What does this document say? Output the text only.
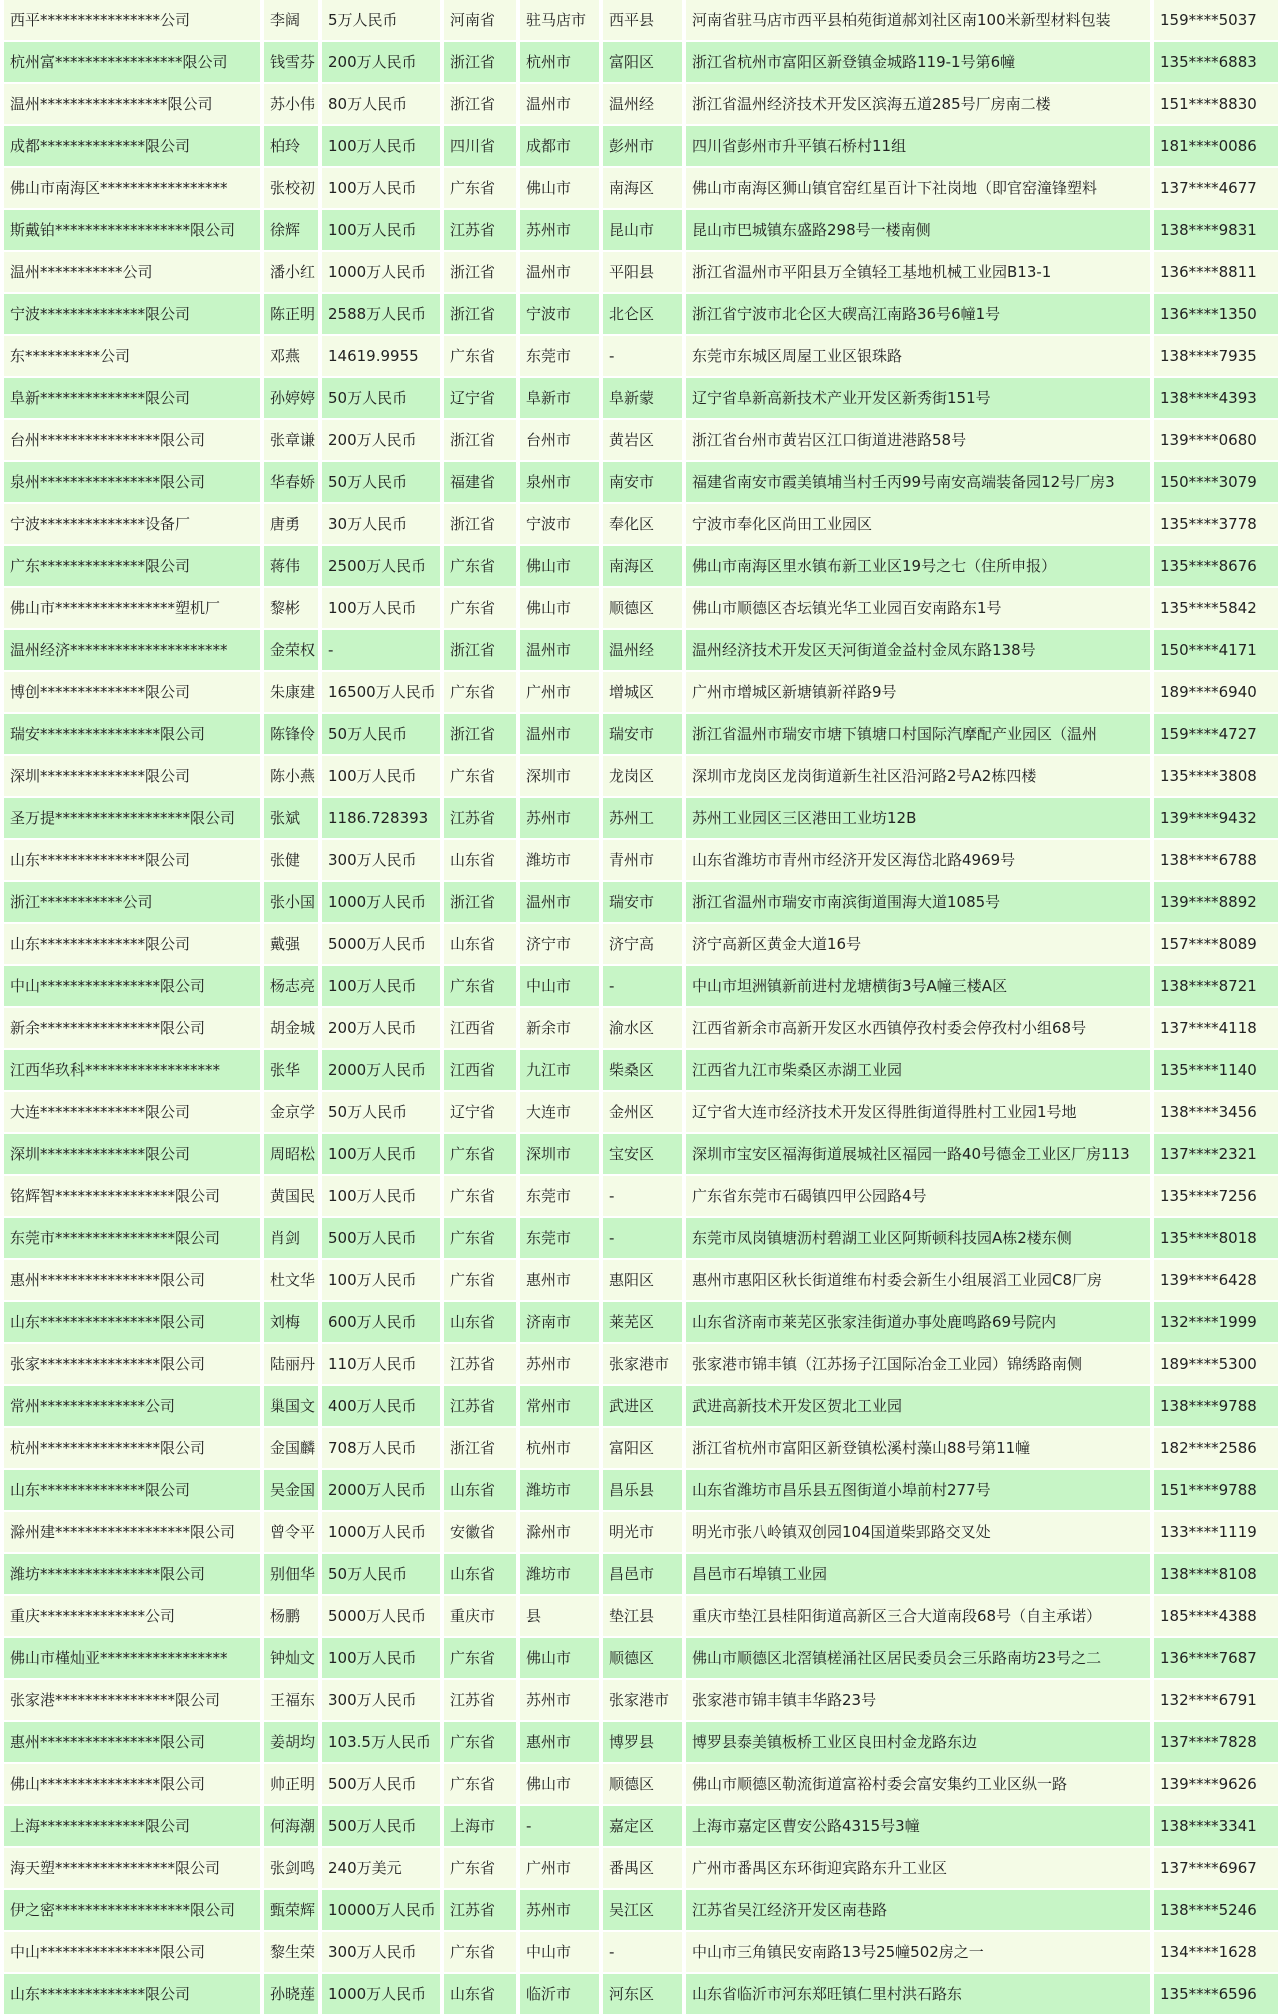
西平****************公司	李阔	5万人民币	河南省	驻马店市	西平县	河南省驻马店市西平县柏苑街道郝刘社区南100米新型材料包装	159****5037
杭州富*****************限公司	钱雪芬	200万人民币	浙江省	杭州市	富阳区	浙江省杭州市富阳区新登镇金城路119-1号第6幢	135****6883
温州*****************限公司	苏小伟	80万人民币	浙江省	温州市	温州经	浙江省温州经济技术开发区滨海五道285号厂房南二楼	151****8830
成都**************限公司	柏玲	100万人民币	四川省	成都市	彭州市	四川省彭州市升平镇石桥村11组	181****0086
佛山市南海区*****************	张校初	100万人民币	广东省	佛山市	南海区	佛山市南海区狮山镇官窑红星百计下社岗地（即官窑潼锋塑料	137****4677
斯戴铂******************限公司	徐辉	100万人民币	江苏省	苏州市	昆山市	昆山市巴城镇东盛路298号一楼南侧	138****9831
温州***********公司	潘小红	1000万人民币	浙江省	温州市	平阳县	浙江省温州市平阳县万全镇轻工基地机械工业园B13-1	136****8811
宁波**************限公司	陈正明	2588万人民币	浙江省	宁波市	北仑区	浙江省宁波市北仑区大碶高江南路36号6幢1号	136****1350
东**********公司	邓燕	14619.9955	广东省	东莞市	-	东莞市东城区周屋工业区银珠路	138****7935
阜新**************限公司	孙婷婷	50万人民币	辽宁省	阜新市	阜新蒙	辽宁省阜新高新技术产业开发区新秀街151号	138****4393
台州****************限公司	张章谦	200万人民币	浙江省	台州市	黄岩区	浙江省台州市黄岩区江口街道进港路58号	139****0680
泉州****************限公司	华春娇	50万人民币	福建省	泉州市	南安市	福建省南安市霞美镇埔当村壬丙99号南安高端装备园12号厂房3	150****3079
宁波**************设备厂	唐勇	30万人民币	浙江省	宁波市	奉化区	宁波市奉化区尚田工业园区	135****3778
广东**************限公司	蒋伟	2500万人民币	广东省	佛山市	南海区	佛山市南海区里水镇布新工业区19号之七（住所申报）	135****8676
佛山市****************塑机厂	黎彬	100万人民币	广东省	佛山市	顺德区	佛山市顺德区杏坛镇光华工业园百安南路东1号	135****5842
温州经济*********************	金荣权	-	浙江省	温州市	温州经	温州经济技术开发区天河街道金益村金凤东路138号	150****4171
博创**************限公司	朱康建	16500万人民币	广东省	广州市	增城区	广州市增城区新塘镇新祥路9号	189****6940
瑞安****************限公司	陈锋伶	50万人民币	浙江省	温州市	瑞安市	浙江省温州市瑞安市塘下镇塘口村国际汽摩配产业园区（温州	159****4727
深圳**************限公司	陈小燕	100万人民币	广东省	深圳市	龙岗区	深圳市龙岗区龙岗街道新生社区沿河路2号A2栋四楼	135****3808
圣万提******************限公司	张斌	1186.728393	江苏省	苏州市	苏州工	苏州工业园区三区港田工业坊12B	139****9432
山东**************限公司	张健	300万人民币	山东省	潍坊市	青州市	山东省潍坊市青州市经济开发区海岱北路4969号	138****6788
浙江***********公司	张小国	1000万人民币	浙江省	温州市	瑞安市	浙江省温州市瑞安市南滨街道围海大道1085号	139****8892
山东**************限公司	戴强	5000万人民币	山东省	济宁市	济宁高	济宁高新区黄金大道16号	157****8089
中山****************限公司	杨志亮	100万人民币	广东省	中山市	-	中山市坦洲镇新前进村龙塘横街3号A幢三楼A区	138****8721
新余****************限公司	胡金城	200万人民币	江西省	新余市	渝水区	江西省新余市高新开发区水西镇停孜村委会停孜村小组68号	137****4118
江西华玖科******************	张华	2000万人民币	江西省	九江市	柴桑区	江西省九江市柴桑区赤湖工业园	135****1140
大连**************限公司	金京学	50万人民币	辽宁省	大连市	金州区	辽宁省大连市经济技术开发区得胜街道得胜村工业园1号地	138****3456
深圳**************限公司	周昭松	100万人民币	广东省	深圳市	宝安区	深圳市宝安区福海街道展城社区福园一路40号德金工业区厂房113	137****2321
铭辉智****************限公司	黄国民	100万人民币	广东省	东莞市	-	广东省东莞市石碣镇四甲公园路4号	135****7256
东莞市****************限公司	肖剑	500万人民币	广东省	东莞市	-	东莞市凤岗镇塘沥村碧湖工业区阿斯顿科技园A栋2楼东侧	135****8018
惠州****************限公司	杜文华	100万人民币	广东省	惠州市	惠阳区	惠州市惠阳区秋长街道维布村委会新生小组展滔工业园C8厂房	139****6428
山东****************限公司	刘梅	600万人民币	山东省	济南市	莱芜区	山东省济南市莱芜区张家洼街道办事处鹿鸣路69号院内	132****1999
张家****************限公司	陆丽丹	110万人民币	江苏省	苏州市	张家港市	张家港市锦丰镇（江苏扬子江国际冶金工业园）锦绣路南侧	189****5300
常州**************公司	巢国文	400万人民币	江苏省	常州市	武进区	武进高新技术开发区贺北工业园	138****9788
杭州****************限公司	金国麟	708万人民币	浙江省	杭州市	富阳区	浙江省杭州市富阳区新登镇松溪村藻山88号第11幢	182****2586
山东**************限公司	吴金国	2000万人民币	山东省	潍坊市	昌乐县	山东省潍坊市昌乐县五图街道小埠前村277号	151****9788
滁州建******************限公司	曾令平	1000万人民币	安徽省	滁州市	明光市	明光市张八岭镇双创园104国道柴郢路交叉处	133****1119
潍坊****************限公司	别佃华	50万人民币	山东省	潍坊市	昌邑市	昌邑市石埠镇工业园	138****8108
重庆**************公司	杨鹏	5000万人民币	重庆市	县	垫江县	重庆市垫江县桂阳街道高新区三合大道南段68号（自主承诺）	185****4388
佛山市槿灿亚*****************	钟灿文	100万人民币	广东省	佛山市	顺德区	佛山市顺德区北滘镇槎涌社区居民委员会三乐路南坊23号之二	136****7687
张家港****************限公司	王福东	300万人民币	江苏省	苏州市	张家港市	张家港市锦丰镇丰华路23号	132****6791
惠州****************限公司	姜胡均	103.5万人民币	广东省	惠州市	博罗县	博罗县泰美镇板桥工业区良田村金龙路东边	137****7828
佛山****************限公司	帅正明	500万人民币	广东省	佛山市	顺德区	佛山市顺德区勒流街道富裕村委会富安集约工业区纵一路	139****9626
上海**************限公司	何海潮	500万人民币	上海市	-	嘉定区	上海市嘉定区曹安公路4315号3幢	138****3341
海天塑****************限公司	张剑鸣	240万美元	广东省	广州市	番禺区	广州市番禺区东环街迎宾路东升工业区	137****6967
伊之密******************限公司	甄荣辉	10000万人民币	江苏省	苏州市	吴江区	江苏省吴江经济开发区南巷路	138****5246
中山****************限公司	黎生荣	300万人民币	广东省	中山市	-	中山市三角镇民安南路13号25幢502房之一	134****1628
山东**************限公司	孙晓莲	1000万人民币	山东省	临沂市	河东区	山东省临沂市河东郑旺镇仁里村洪石路东	135****6596
